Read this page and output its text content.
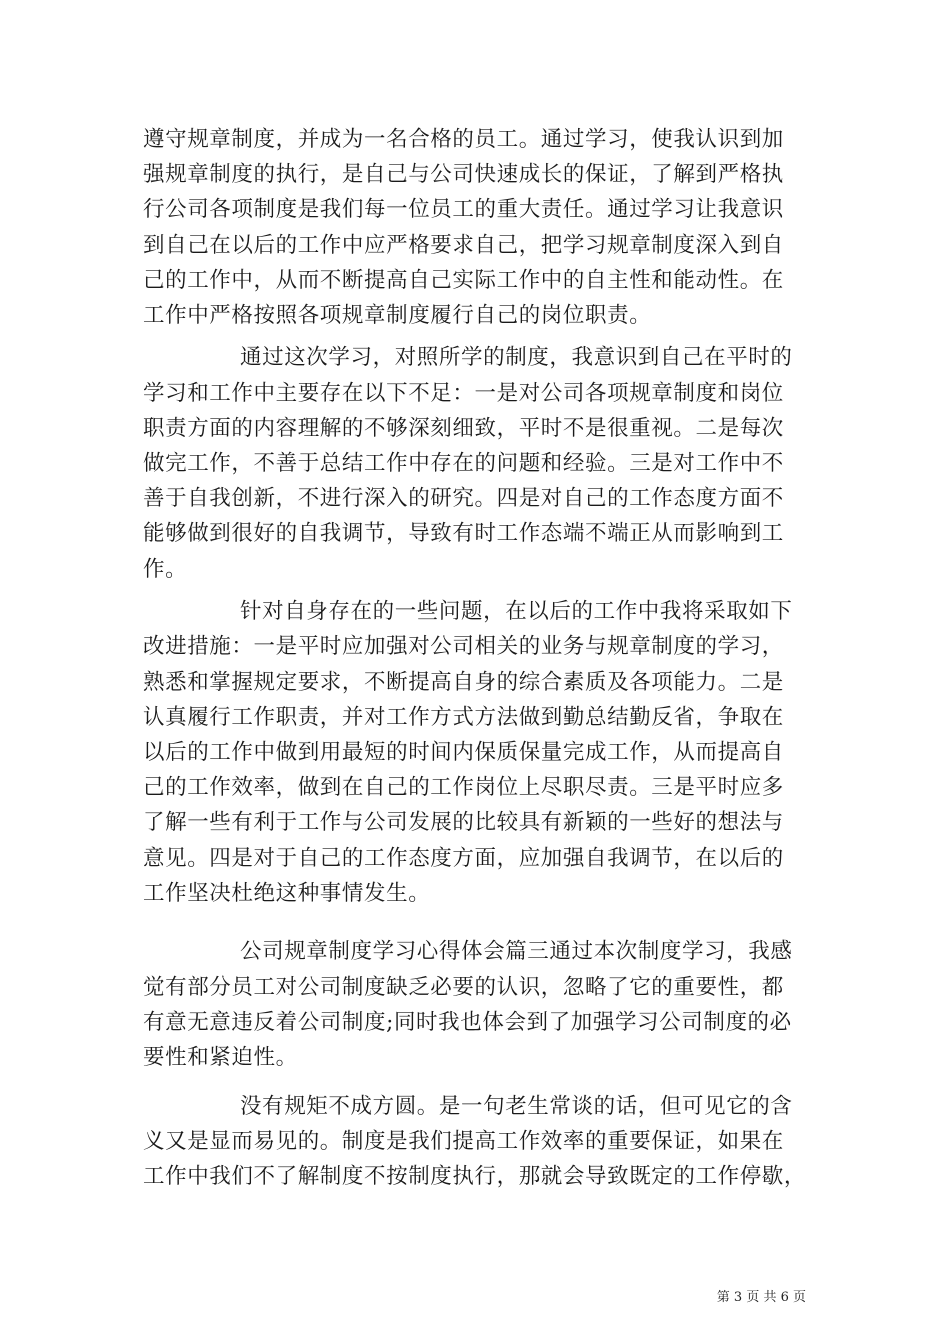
遵守规章制度，并成为一名合格的员工。通过学习，使我认识到加
强规章制度的执行，是自己与公司快速成长的保证，了解到严格执
行公司各项制度是我们每一位员工的重大责任。通过学习让我意识
到自己在以后的工作中应严格要求自己，把学习规章制度深入到自
己的工作中，从而不断提高自己实际工作中的自主性和能动性。在
工作中严格按照各项规章制度履行自己的岗位职责。
通过这次学习，对照所学的制度，我意识到自己在平时的
学习和工作中主要存在以下不足：一是对公司各项规章制度和岗位
职责方面的内容理解的不够深刻细致，平时不是很重视。二是每次
做完工作，不善于总结工作中存在的问题和经验。三是对工作中不
善于自我创新，不进行深入的研究。四是对自己的工作态度方面不
能够做到很好的自我调节，导致有时工作态端不端正从而影响到工
作。
针对自身存在的一些问题，在以后的工作中我将采取如下
改进措施：一是平时应加强对公司相关的业务与规章制度的学习，
熟悉和掌握规定要求，不断提高自身的综合素质及各项能力。二是
认真履行工作职责，并对工作方式方法做到勤总结勤反省，争取在
以后的工作中做到用最短的时间内保质保量完成工作，从而提高自
己的工作效率，做到在自己的工作岗位上尽职尽责。三是平时应多
了解一些有利于工作与公司发展的比较具有新颖的一些好的想法与
意见。四是对于自己的工作态度方面，应加强自我调节，在以后的
工作坚决杜绝这种事情发生。
公司规章制度学习心得体会篇三通过本次制度学习，我感
觉有部分员工对公司制度缺乏必要的认识，忽略了它的重要性，都
有意无意违反着公司制度;同时我也体会到了加强学习公司制度的必
要性和紧迫性。
没有规矩不成方圆。是一句老生常谈的话，但可见它的含
义又是显而易见的。制度是我们提高工作效率的重要保证，如果在
工作中我们不了解制度不按制度执行，那就会导致既定的工作停歇，
第 3 页 共 6 页
